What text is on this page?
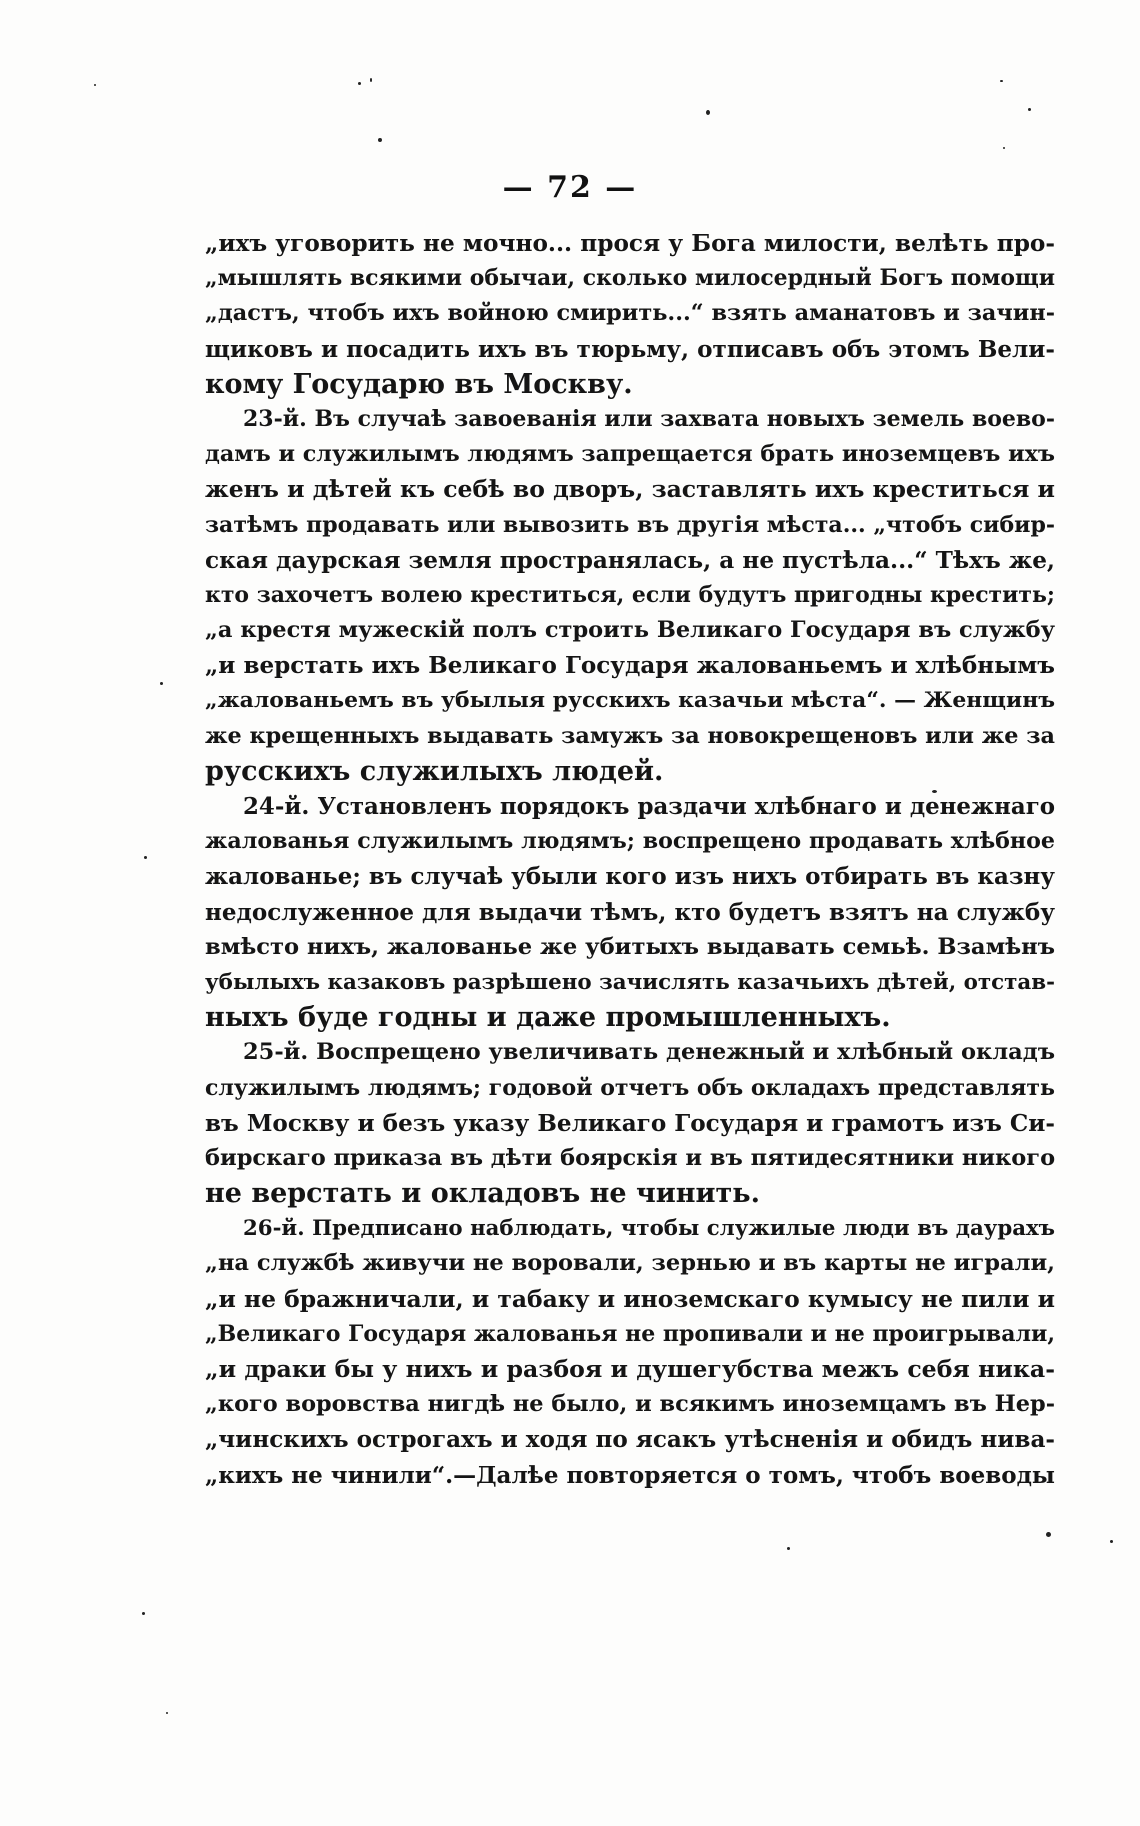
— 72 —
„ихъ уговорить не мочно... прося у Бога милости, велѣть про-
„мышлять всякими обычаи, сколько милосердный Богъ помощи
„дастъ, чтобъ ихъ войною смирить...“ взять аманатовъ и зачин-
щиковъ и посадить ихъ въ тюрьму, отписавъ объ этомъ Вели-
кому Государю въ Москву.
23-й. Въ случаѣ завоеванія или захвата новыхъ земель воево-
дамъ и служилымъ людямъ запрещается брать иноземцевъ ихъ
женъ и дѣтей къ себѣ во дворъ, заставлять ихъ креститься и
затѣмъ продавать или вывозить въ другія мѣста... „чтобъ сибир-
ская даурская земля пространялась, а не пустѣла...“ Тѣхъ же,
кто захочетъ волею креститься, если будутъ пригодны крестить;
„а крестя мужескій полъ строить Великаго Государя въ службу
„и верстать ихъ Великаго Государя жалованьемъ и хлѣбнымъ
„жалованьемъ въ убылыя русскихъ казачьи мѣста“. — Женщинъ
же крещенныхъ выдавать замужъ за новокрещеновъ или же за
русскихъ служилыхъ людей.
24-й. Установленъ порядокъ раздачи хлѣбнаго и денежнаго
жалованья служилымъ людямъ; воспрещено продавать хлѣбное
жалованье; въ случаѣ убыли кого изъ нихъ отбирать въ казну
недослуженное для выдачи тѣмъ, кто будетъ взятъ на службу
вмѣсто нихъ, жалованье же убитыхъ выдавать семьѣ. Взамѣнъ
убылыхъ казаковъ разрѣшено зачислять казачьихъ дѣтей, отстав-
ныхъ буде годны и даже промышленныхъ.
25-й. Воспрещено увеличивать денежный и хлѣбный окладъ
служилымъ людямъ; годовой отчетъ объ окладахъ представлять
въ Москву и безъ указу Великаго Государя и грамотъ изъ Си-
бирскаго приказа въ дѣти боярскія и въ пятидесятники никого
не верстать и окладовъ не чинить.
26-й. Предписано наблюдать, чтобы служилые люди въ даурахъ
„на службѣ живучи не воровали, зернью и въ карты не играли,
„и не бражничали, и табаку и иноземскаго кумысу не пили и
„Великаго Государя жалованья не пропивали и не проигрывали,
„и драки бы у нихъ и разбоя и душегубства межъ себя ника-
„кого воровства нигдѣ не было, и всякимъ иноземцамъ въ Нер-
„чинскихъ острогахъ и ходя по ясакъ утѣсненія и обидъ нива-
„кихъ не чинили“.—Далѣе повторяется о томъ, чтобъ воеводы
